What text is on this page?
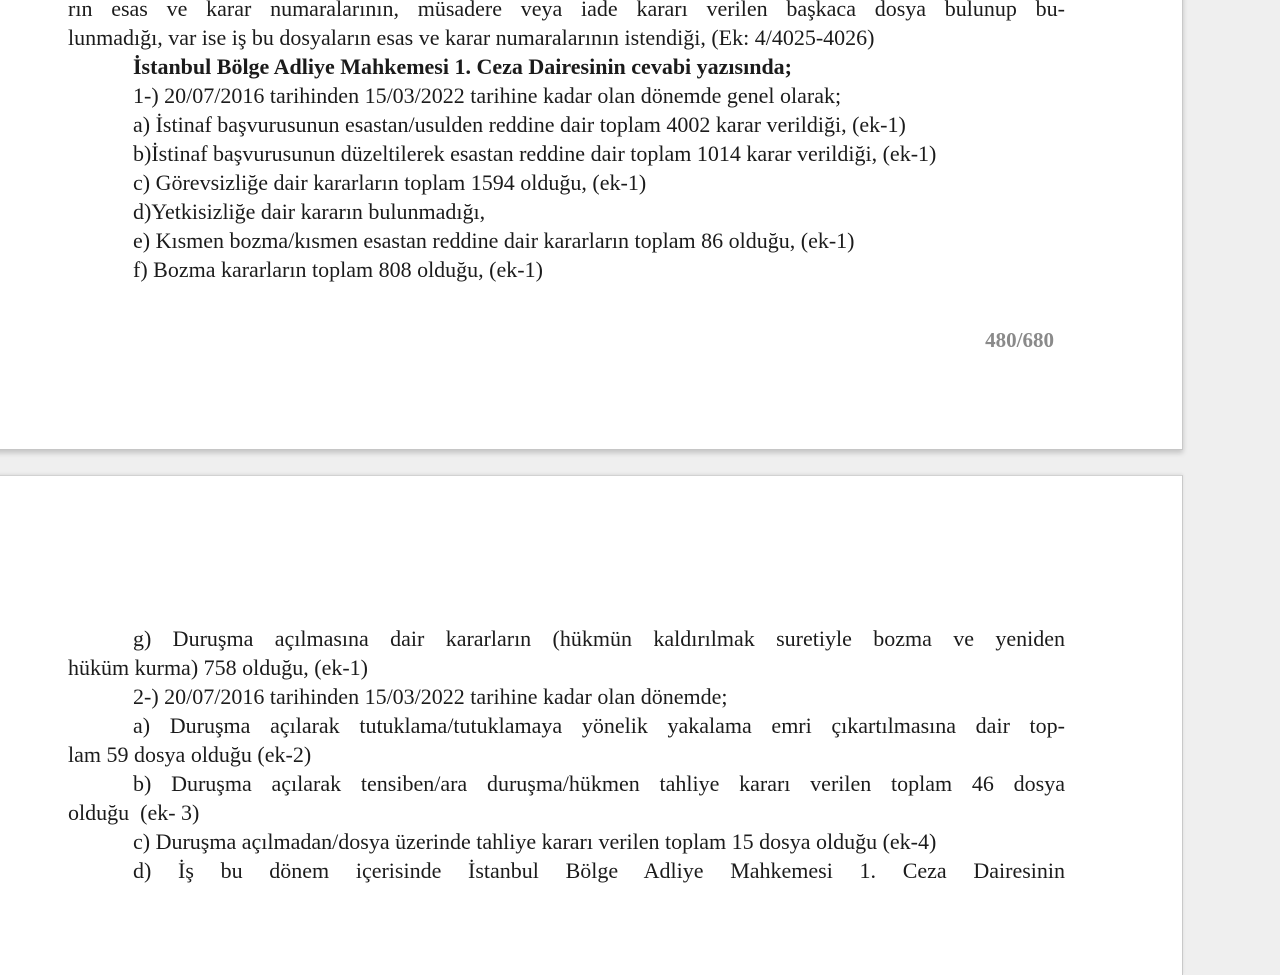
rın esas ve karar numaralarının, müsadere veya iade kararı verilen başkaca dosya bulunup bu-
lunmadığı, var ise iş bu dosyaların esas ve karar numaralarının istendiği, (Ek: 4/4025-4026)
İstanbul Bölge Adliye Mahkemesi 1. Ceza Dairesinin cevabi yazısında;
1-) 20/07/2016 tarihinden 15/03/2022 tarihine kadar olan dönemde genel olarak;
a) İstinaf başvurusunun esastan/usulden reddine dair toplam 4002 karar verildiği, (ek-1)
b)İstinaf başvurusunun düzeltilerek esastan reddine dair toplam 1014 karar verildiği, (ek-1)
c) Görevsizliğe dair kararların toplam 1594 olduğu, (ek-1)
d)Yetkisizliğe dair kararın bulunmadığı,
e) Kısmen bozma/kısmen esastan reddine dair kararların toplam 86 olduğu, (ek-1)
f) Bozma kararların toplam 808 olduğu, (ek-1)
480/680
g) Duruşma açılmasına dair kararların (hükmün kaldırılmak suretiyle bozma ve yeniden
hüküm kurma) 758 olduğu, (ek-1)
2-) 20/07/2016 tarihinden 15/03/2022 tarihine kadar olan dönemde;
a) Duruşma açılarak tutuklama/tutuklamaya yönelik yakalama emri çıkartılmasına dair top-
lam 59 dosya olduğu (ek-2)
b) Duruşma açılarak tensiben/ara duruşma/hükmen tahliye kararı verilen toplam 46 dosya
olduğu  (ek- 3)
c) Duruşma açılmadan/dosya üzerinde tahliye kararı verilen toplam 15 dosya olduğu (ek-4)
d) İş bu dönem içerisinde İstanbul Bölge Adliye Mahkemesi 1. Ceza Dairesinin
